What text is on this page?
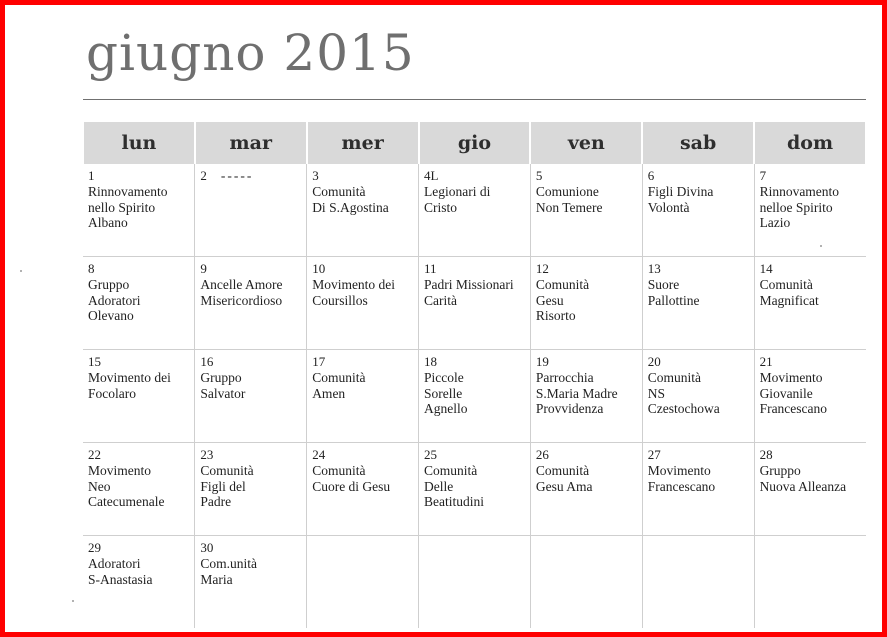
giugno 2015
lun	mar	mer	gio	ven	sab	dom

1
Rinnovamento
nello Spirito
Albano	2 -----	3
Comunità
Di S.Agostina	4L
Legionari di
Cristo	5
Comunione
Non Temere	6
Figli Divina
Volontà	7
Rinnovamento
nelloe Spirito
Lazio

8
Gruppo
Adoratori
Olevano	9
Ancelle Amore
Misericordioso	10
Movimento dei
Coursillos	11
Padri Missionari
Carità	12
Comunità
Gesu
Risorto	13
Suore
Pallottine	14
Comunità
Magnificat

15
Movimento dei
Focolaro	16
Gruppo
Salvator	17
Comunità
Amen	18
Piccole
Sorelle
Agnello	19
Parrocchia
S.Maria Madre
Provvidenza	20
Comunità
NS
Czestochowa	21
Movimento
Giovanile
Francescano

22
Movimento
Neo
Catecumenale	23
Comunità
Figli del
Padre	24
Comunità
Cuore di Gesu	25
Comunità
Delle
Beatitudini	26
Comunità
Gesu Ama	27
Movimento
Francescano	28
Gruppo
Nuova Alleanza

29
Adoratori
S-Anastasia	30
Com.unità
Maria					
